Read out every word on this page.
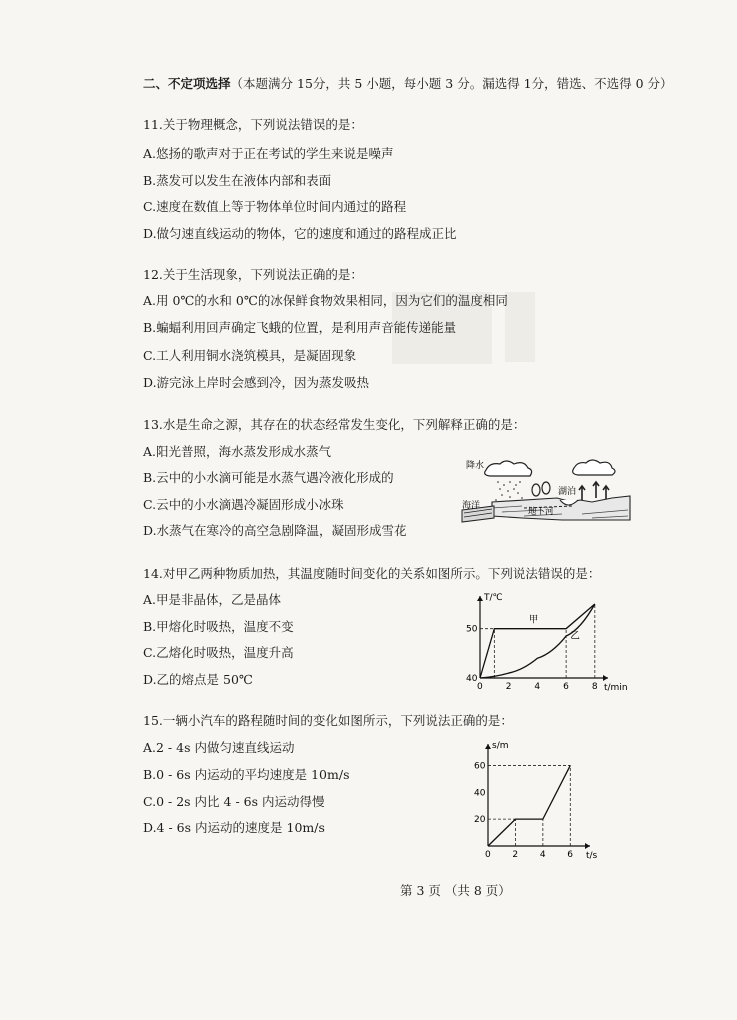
二、不定项选择（本题满分 15分，共 5 小题，每小题 3 分。漏选得 1分，错选、不选得 0 分）
11.关于物理概念，下列说法错误的是：
A.悠扬的歌声对于正在考试的学生来说是噪声
B.蒸发可以发生在液体内部和表面
C.速度在数值上等于物体单位时间内通过的路程
D.做匀速直线运动的物体，它的速度和通过的路程成正比
12.关于生活现象，下列说法正确的是：
A.用 0℃的水和 0℃的冰保鲜食物效果相同，因为它们的温度相同
B.蝙蝠利用回声确定飞蛾的位置，是利用声音能传递能量
C.工人利用铜水浇筑模具，是凝固现象
D.游完泳上岸时会感到冷，因为蒸发吸热
13.水是生命之源，其存在的状态经常发生变化，下列解释正确的是：
A.阳光普照，海水蒸发形成水蒸气
B.云中的小水滴可能是水蒸气遇冷液化形成的
C.云中的小水滴遇冷凝固形成小冰珠
D.水蒸气在寒冷的高空急剧降温，凝固形成雪花
降水
海洋
湖泊
地下河
14.对甲乙两种物质加热，其温度随时间变化的关系如图所示。下列说法错误的是：
A.甲是非晶体，乙是晶体
B.甲熔化时吸热，温度不变
C.乙熔化时吸热，温度升高
D.乙的熔点是 50℃
t/min
T/℃
0	2	4	6	8
40
50
甲
乙
15.一辆小汽车的路程随时间的变化如图所示，下列说法正确的是：
A.2 - 4s 内做匀速直线运动
B.0 - 6s 内运动的平均速度是 10m/s
C.0 - 2s 内比 4 - 6s 内运动得慢
D.4 - 6s 内运动的速度是 10m/s
t/s
s/m
0 2 4 6
20
40
60
第 3 页 （共 8 页）
